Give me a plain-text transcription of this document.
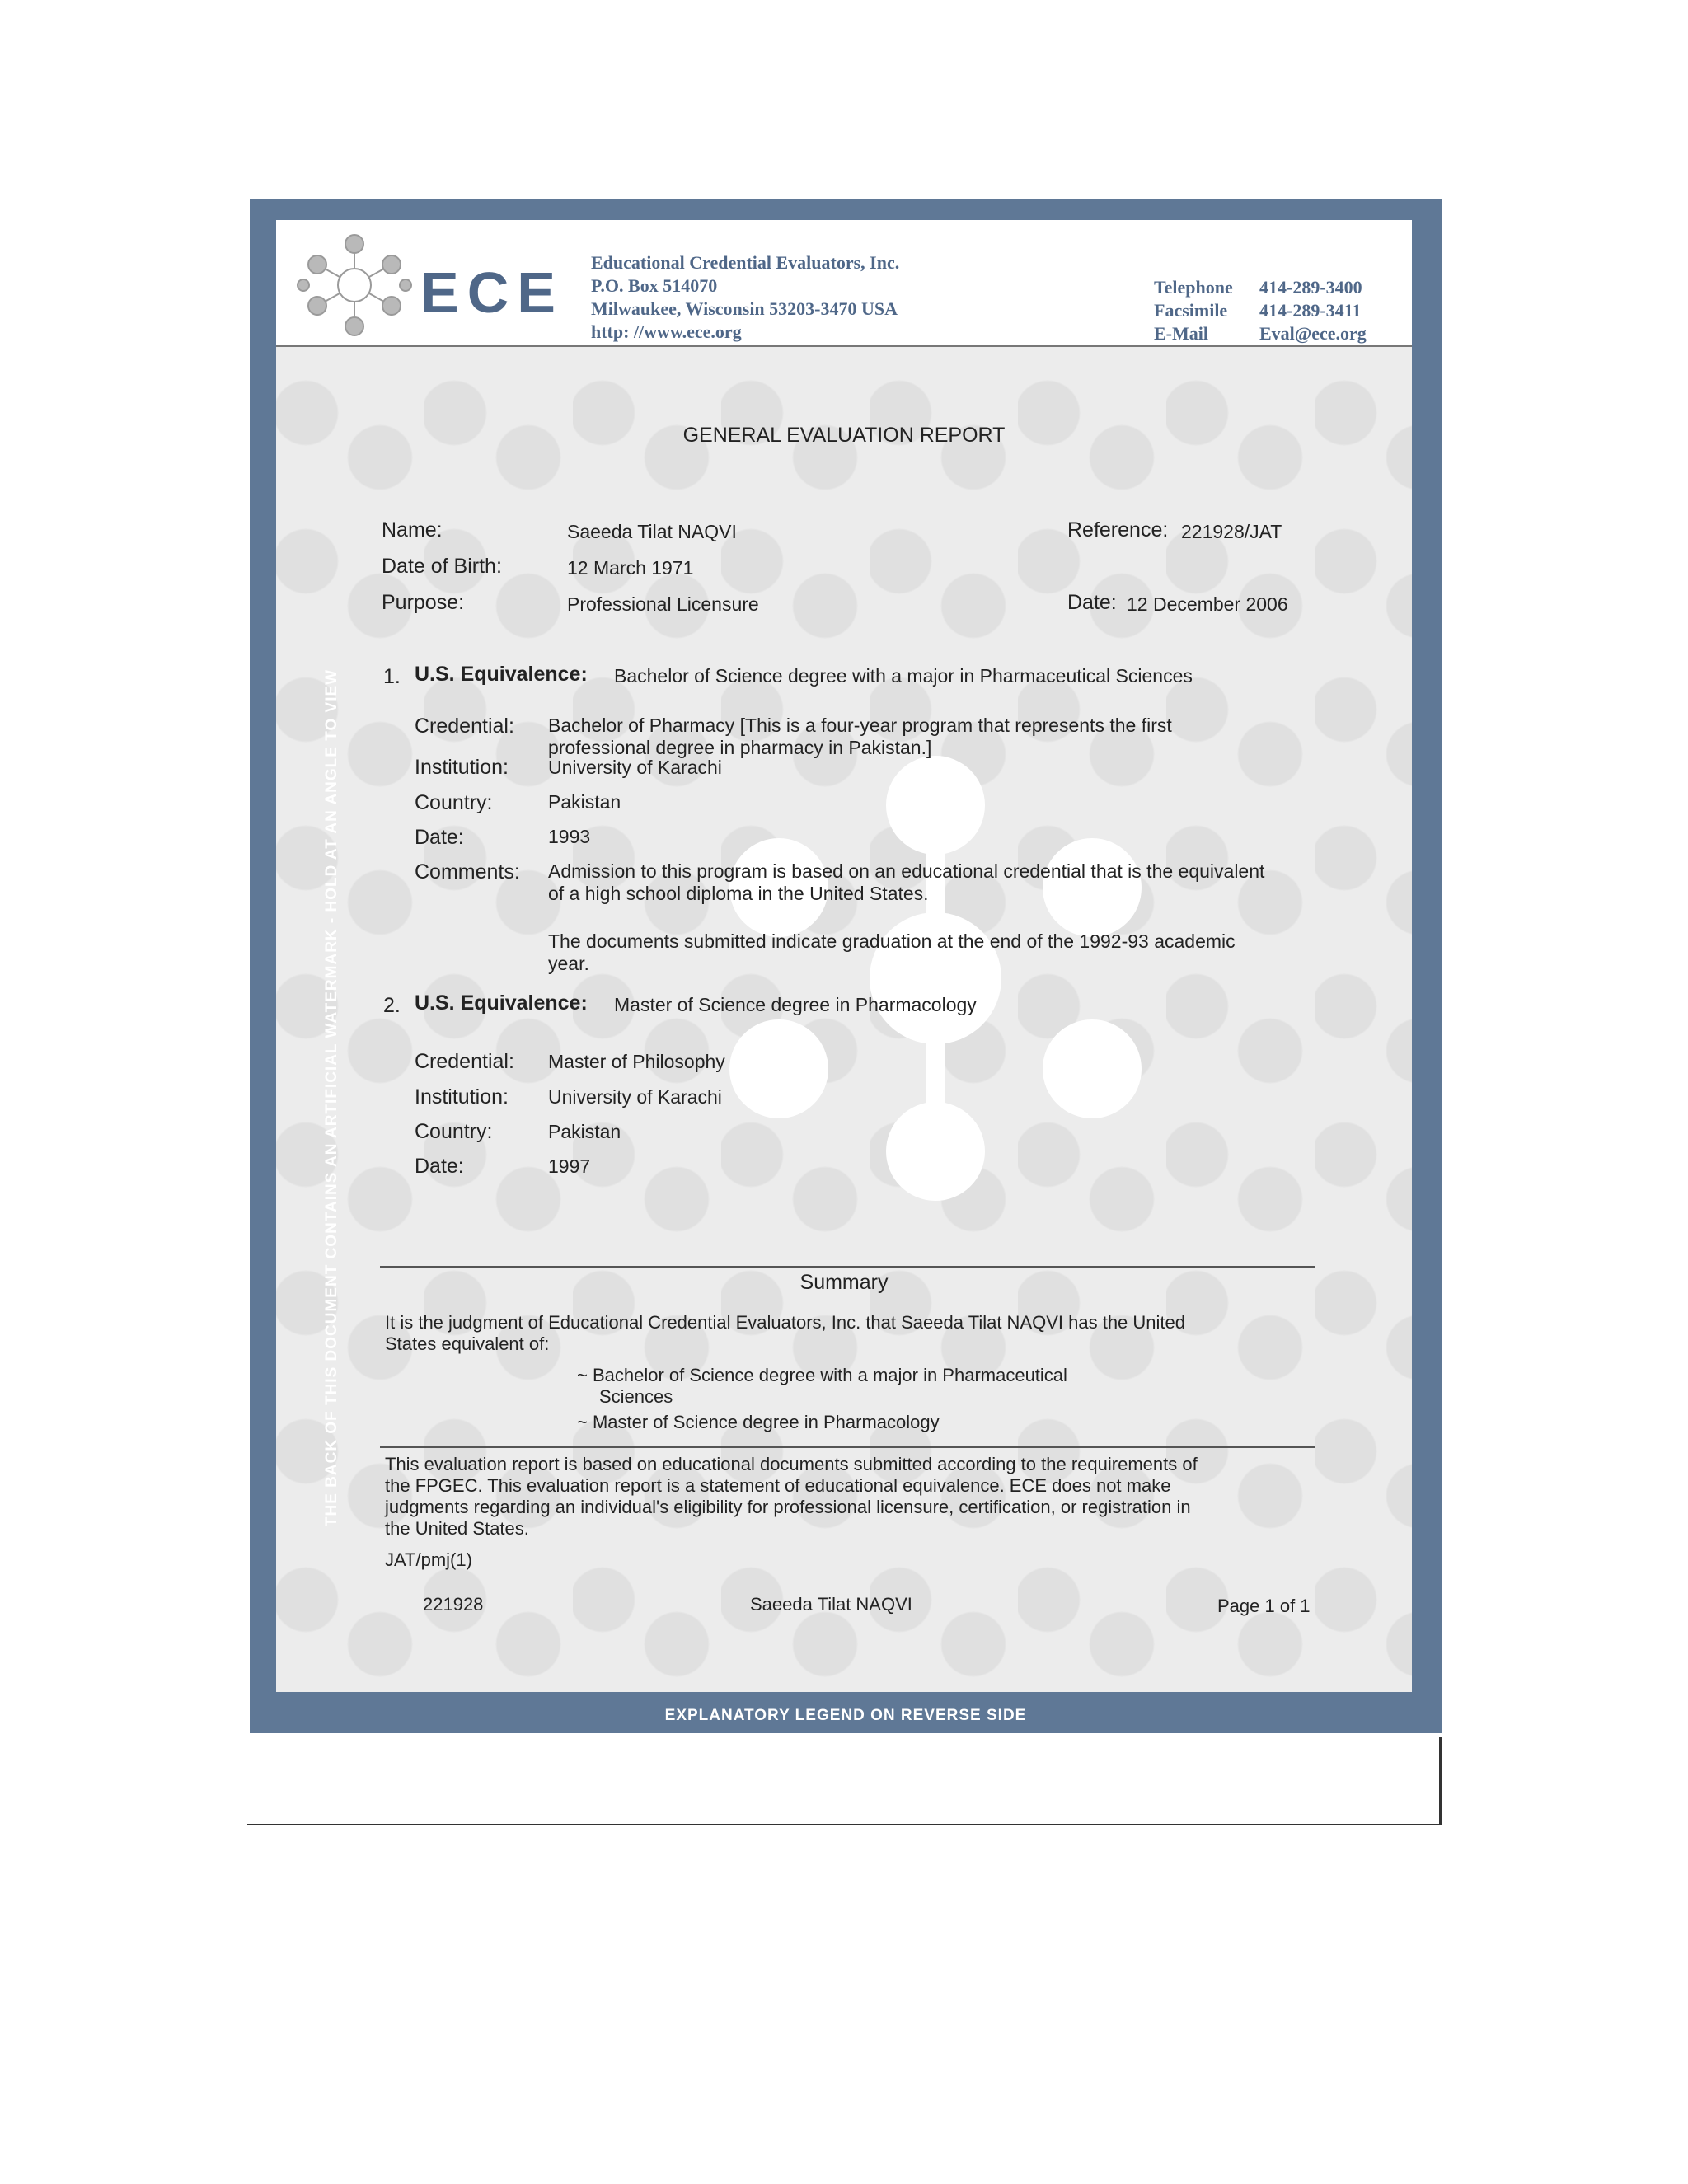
ECE Educational Credential Evaluators, Inc.
P.O. Box 514070
Milwaukee, Wisconsin 53203-3470 USA
http: //www.ece.org
Telephone	414-289-3400
Facsimile	414-289-3411
E-Mail	Eval@ece.org
GENERAL EVALUATION REPORT
Name:	Saeeda Tilat NAQVI
Date of Birth:	12 March 1971
Purpose:	Professional Licensure
Reference: 221928/JAT
Date: 12 December 2006
1. U.S. Equivalence: Bachelor of Science degree with a major in Pharmaceutical Sciences
Credential: Bachelor of Pharmacy [This is a four-year program that represents the first
professional degree in pharmacy in Pakistan.]
Institution: University of Karachi
Country:	Pakistan
Date:	1993
Comments: Admission to this program is based on an educational credential that is the equivalent
of a high school diploma in the United States.
The documents submitted indicate graduation at the end of the 1992-93 academic
year.
2. U.S. Equivalence: Master of Science degree in Pharmacology
Credential: Master of Philosophy
Institution: University of Karachi
Country:	Pakistan
Date:	1997
Summary
It is the judgment of Educational Credential Evaluators, Inc. that Saeeda Tilat NAQVI has the United
States equivalent of:
~ Bachelor of Science degree with a major in Pharmaceutical
Sciences
~ Master of Science degree in Pharmacology
This evaluation report is based on educational documents submitted according to the requirements of
the FPGEC. This evaluation report is a statement of educational equivalence. ECE does not make
judgments regarding an individual's eligibility for professional licensure, certification, or registration in
the United States.
JAT/pmj(1)
221928	Saeeda Tilat NAQVI	Page 1 of 1
THE BACK OF THIS DOCUMENT CONTAINS AN ARTIFICIAL WATERMARK - HOLD AT AN ANGLE TO VIEW	THE FACE OF THIS DOCUMENT HAS A COLORED BACKGROUND - NOT A WHITE BACKGROUND
EXPLANATORY LEGEND ON REVERSE SIDE
